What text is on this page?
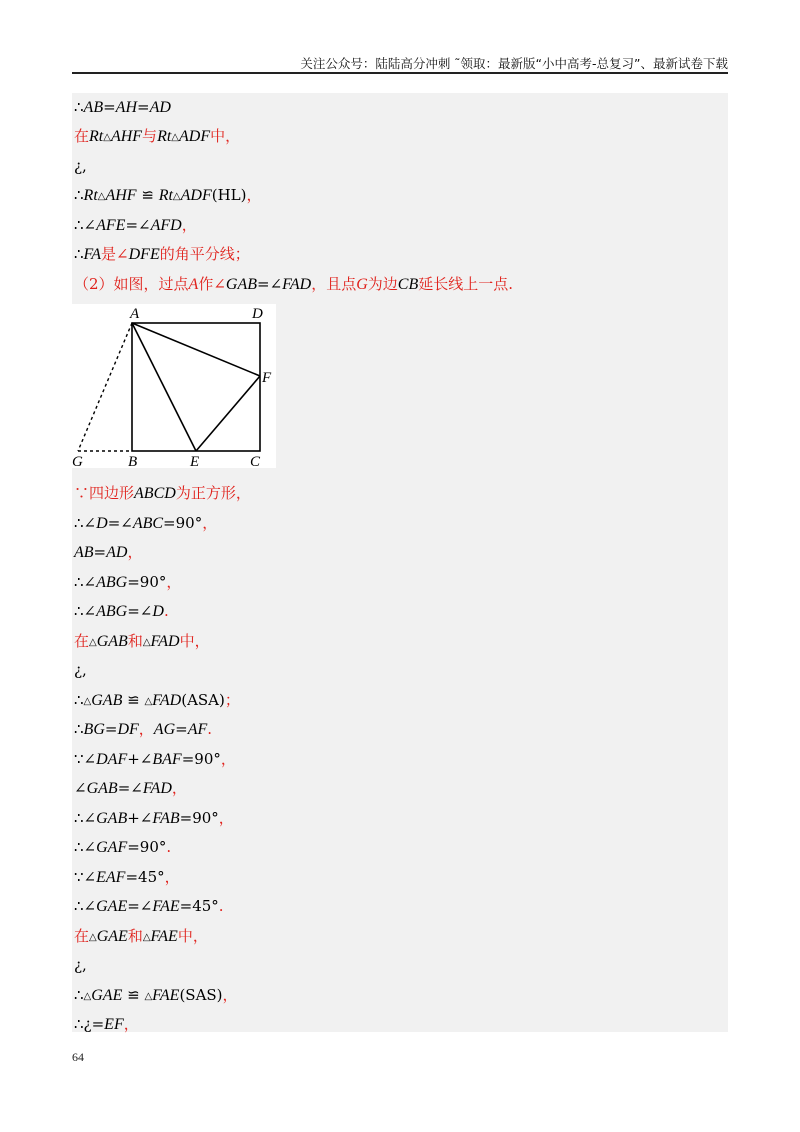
关注公众号：陆陆高分冲刺 ˜领取：最新版“小中高考-总复习”、最新试卷下载
A	D
F
G	B	E	C
∴AB=AH=AD
在Rt△AHF与Rt△ADF中，
¿,
∴Rt△AHF ≌ Rt△ADF(HL)，
∴∠AFE=∠AFD，
∴FA是∠DFE的角平分线；
（2）如图，过点A作∠GAB=∠FAD，且点G为边CB延长线上一点.
∵四边形ABCD为正方形，
∴∠D=∠ABC=90°，
AB=AD，
∴∠ABG=90°，
∴∠ABG=∠D.
在△GAB和△FAD中，
¿,
∴△GAB ≌ △FAD(ASA)；
∴BG=DF，AG=AF.
∵∠DAF+∠BAF=90°，
∠GAB=∠FAD，
∴∠GAB+∠FAB=90°，
∴∠GAF=90°.
∵∠EAF=45°，
∴∠GAE=∠FAE=45°.
在△GAE和△FAE中，
¿,
∴△GAE ≌ △FAE(SAS)，
∴¿=EF，
64
